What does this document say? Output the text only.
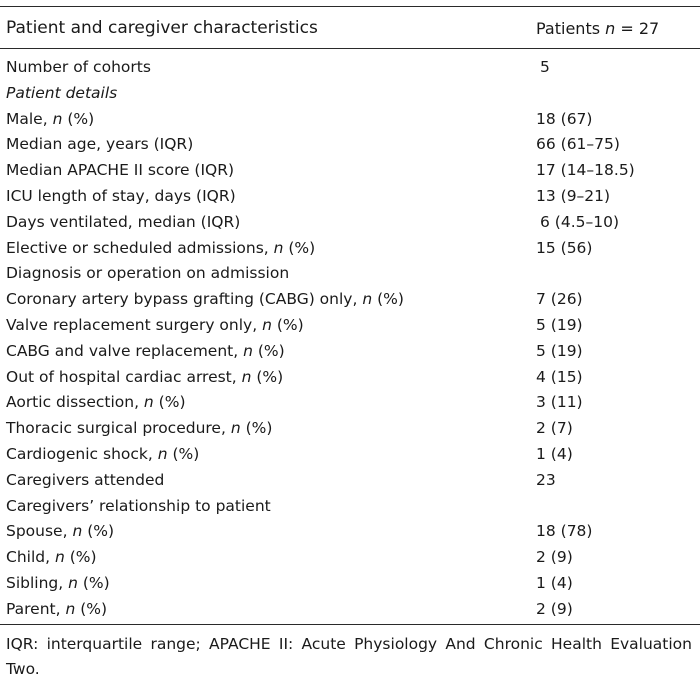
Patient and caregiver characteristics	Patients n = 27
Number of cohorts	5
Patient details
Male, n (%)	18 (67)
Median age, years (IQR)	66 (61–75)
Median APACHE II score (IQR)	17 (14–18.5)
ICU length of stay, days (IQR)	13 (9–21)
Days ventilated, median (IQR)	6 (4.5–10)
Elective or scheduled admissions, n (%)	15 (56)
Diagnosis or operation on admission
Coronary artery bypass grafting (CABG) only, n (%)	7 (26)
Valve replacement surgery only, n (%)	5 (19)
CABG and valve replacement, n (%)	5 (19)
Out of hospital cardiac arrest, n (%)	4 (15)
Aortic dissection, n (%)	3 (11)
Thoracic surgical procedure, n (%)	2 (7)
Cardiogenic shock, n (%)	1 (4)
Caregivers attended	23
Caregivers’ relationship to patient
Spouse, n (%)	18 (78)
Child, n (%)	2 (9)
Sibling, n (%)	1 (4)
Parent, n (%)	2 (9)
IQR: interquartile range; APACHE II: Acute Physiology And Chronic Health Evaluation Two.
